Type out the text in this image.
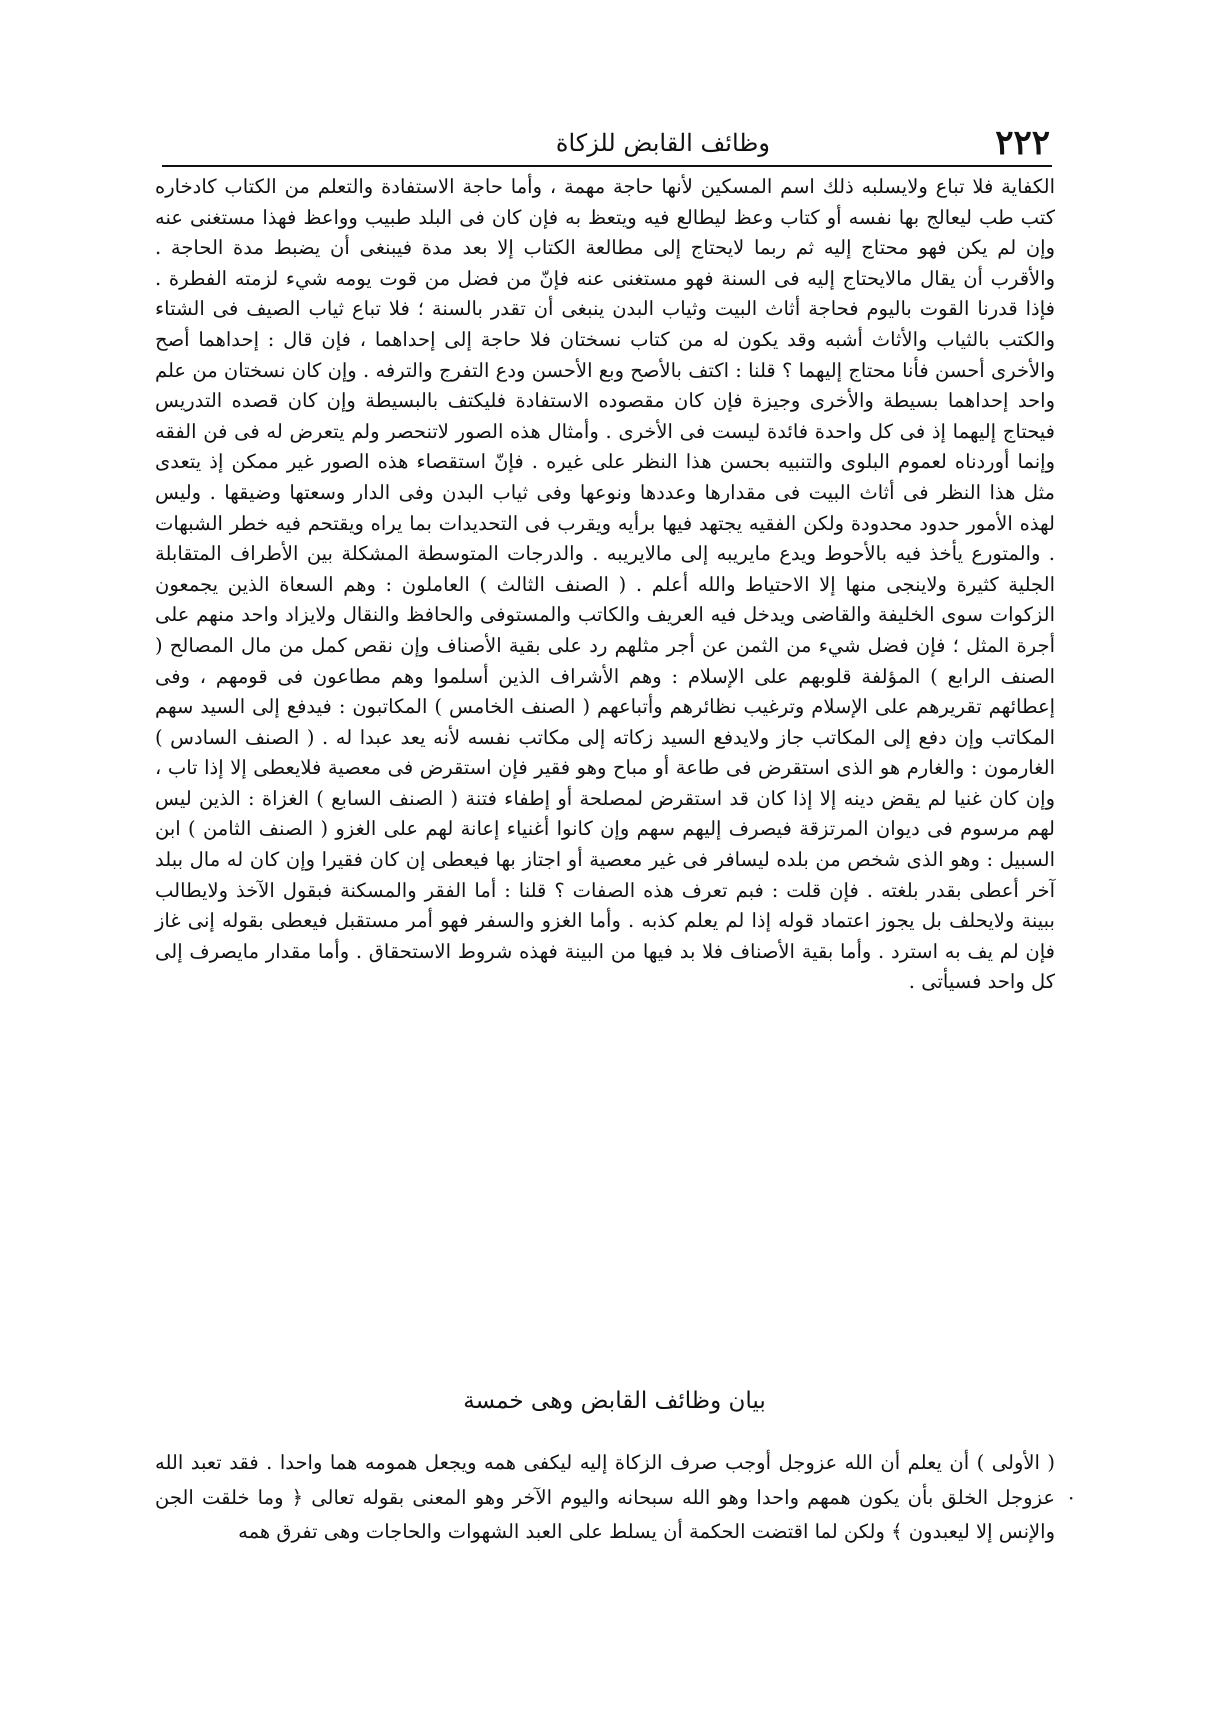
٢٢٢
وظائف القابض للزكاة

الكفاية فلا تباع ولايسلبه ذلك اسم المسكين لأنها حاجة مهمة ، وأما حاجة الاستفادة والتعلم من الكتاب كادخاره كتب طب ليعالج بها نفسه أو كتاب وعظ ليطالع فيه ويتعظ به فإن كان فى البلد طبيب وواعظ فهذا مستغنى عنه وإن لم يكن فهو محتاج إليه ثم ربما لايحتاج إلى مطالعة الكتاب إلا بعد مدة فيبنغى أن يضبط مدة الحاجة . والأقرب أن يقال مالايحتاج إليه فى السنة فهو مستغنى عنه فإنّ من فضل من قوت يومه شيء لزمته الفطرة . فإذا قدرنا القوت باليوم فحاجة أثاث البيت وثياب البدن ينبغى أن تقدر بالسنة ؛ فلا تباع ثياب الصيف فى الشتاء والكتب بالثياب والأثاث أشبه وقد يكون له من كتاب نسختان فلا حاجة إلى إحداهما ، فإن قال : إحداهما أصح والأخرى أحسن فأنا محتاج إليهما ؟ قلنا : اكتف بالأصح وبع الأحسن ودع التفرج والترفه . وإن كان نسختان من علم واحد إحداهما بسيطة والأخرى وجيزة فإن كان مقصوده الاستفادة فليكتف بالبسيطة وإن كان قصده التدريس فيحتاج إليهما إذ فى كل واحدة فائدة ليست فى الأخرى . وأمثال هذه الصور لاتنحصر ولم يتعرض له فى فن الفقه وإنما أوردناه لعموم البلوى والتنبيه بحسن هذا النظر على غيره . فإنّ استقصاء هذه الصور غير ممكن إذ يتعدى مثل هذا النظر فى أثاث البيت فى مقدارها وعددها ونوعها وفى ثياب البدن وفى الدار وسعتها وضيقها . وليس لهذه الأمور حدود محدودة ولكن الفقيه يجتهد فيها برأيه ويقرب فى التحديدات بما يراه ويقتحم فيه خطر الشبهات . والمتورع يأخذ فيه بالأحوط ويدع مايريبه إلى مالايريبه . والدرجات المتوسطة المشكلة بين الأطراف المتقابلة الجلية كثيرة ولاينجى منها إلا الاحتياط والله أعلم . ( الصنف الثالث ) العاملون : وهم السعاة الذين يجمعون الزكوات سوى الخليفة والقاضى ويدخل فيه العريف والكاتب والمستوفى والحافظ والنقال ولايزاد واحد منهم على أجرة المثل ؛ فإن فضل شيء من الثمن عن أجر مثلهم رد على بقية الأصناف وإن نقص كمل من مال المصالح ( الصنف الرابع ) المؤلفة قلوبهم على الإسلام : وهم الأشراف الذين أسلموا وهم مطاعون فى قومهم ، وفى إعطائهم تقريرهم على الإسلام وترغيب نظائرهم وأتباعهم ( الصنف الخامس ) المكاتبون : فيدفع إلى السيد سهم المكاتب وإن دفع إلى المكاتب جاز ولايدفع السيد زكاته إلى مكاتب نفسه لأنه يعد عبدا له . ( الصنف السادس ) الغارمون : والغارم هو الذى استقرض فى طاعة أو مباح وهو فقير فإن استقرض فى معصية فلايعطى إلا إذا تاب ، وإن كان غنيا لم يقض دينه إلا إذا كان قد استقرض لمصلحة أو إطفاء فتنة ( الصنف السابع ) الغزاة : الذين ليس لهم مرسوم فى ديوان المرتزقة فيصرف إليهم سهم وإن كانوا أغنياء إعانة لهم على الغزو ( الصنف الثامن ) ابن السبيل : وهو الذى شخص من بلده ليسافر فى غير معصية أو اجتاز بها فيعطى إن كان فقيرا وإن كان له مال ببلد آخر أعطى بقدر بلغته . فإن قلت : فبم تعرف هذه الصفات ؟ قلنا : أما الفقر والمسكنة فبقول الآخذ ولايطالب ببينة ولايحلف بل يجوز اعتماد قوله إذا لم يعلم كذبه . وأما الغزو والسفر فهو أمر مستقبل فيعطى بقوله إنى غاز فإن لم يف به استرد . وأما بقية الأصناف فلا بد فيها من البينة فهذه شروط الاستحقاق . وأما مقدار مايصرف إلى كل واحد فسيأتى .

بيان وظائف القابض وهى خمسة

( الأولى ) أن يعلم أن الله عزوجل أوجب صرف الزكاة إليه ليكفى همه ويجعل همومه هما واحدا . فقد تعبد الله عزوجل الخلق بأن يكون همهم واحدا وهو الله سبحانه واليوم الآخر وهو المعنى بقوله تعالى ﴿ وما خلقت الجن والإنس إلا ليعبدون ﴾ ولكن لما اقتضت الحكمة أن يسلط على العبد الشهوات والحاجات وهى تفرق همه

·
